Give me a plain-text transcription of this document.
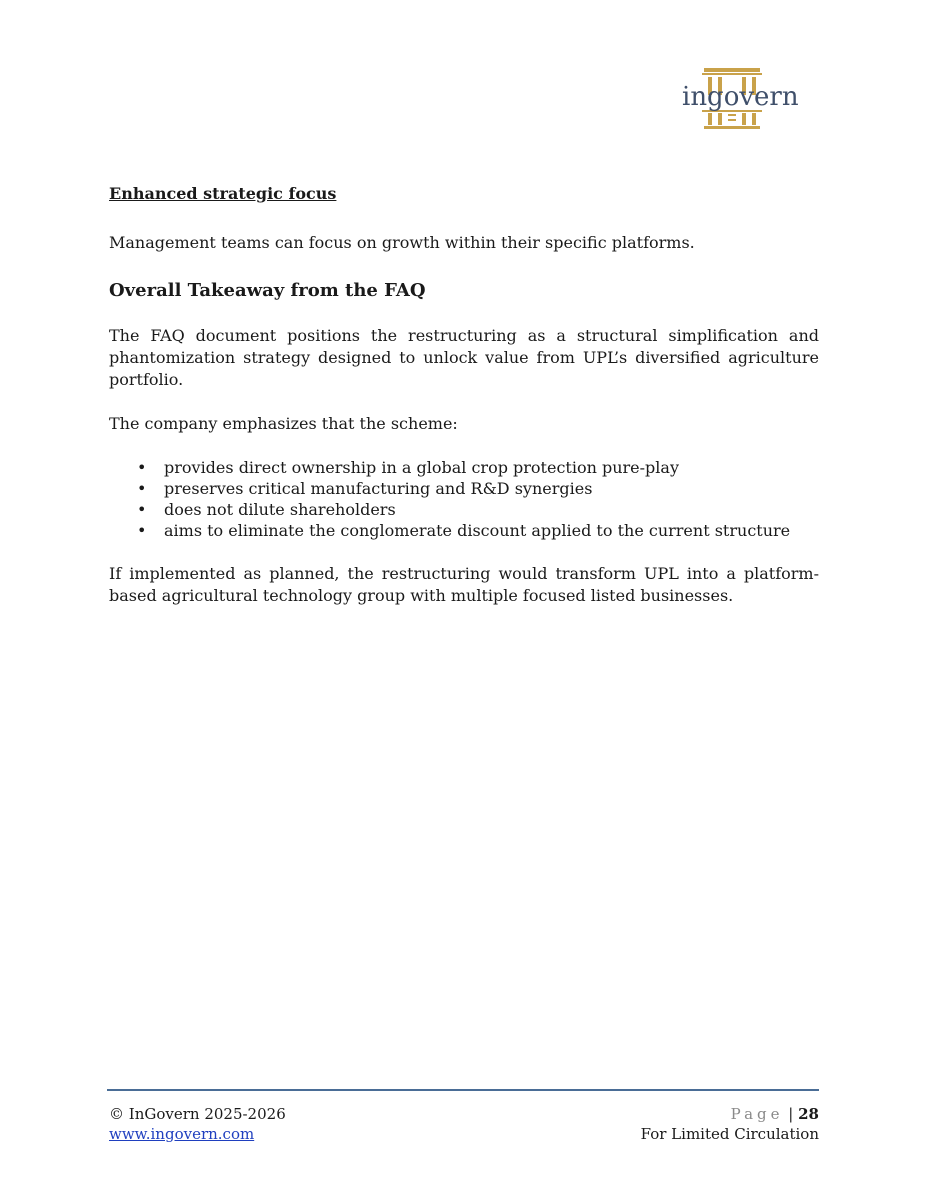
ingovern
Enhanced strategic focus

Management teams can focus on growth within their specific platforms.

Overall Takeaway from the FAQ

The FAQ document positions the restructuring as a structural simplification and phantomization strategy designed to unlock value from UPL’s diversified agriculture portfolio.

The company emphasizes that the scheme:

• provides direct ownership in a global crop protection pure-play
• preserves critical manufacturing and R&D synergies
• does not dilute shareholders
• aims to eliminate the conglomerate discount applied to the current structure

If implemented as planned, the restructuring would transform UPL into a platform-based agricultural technology group with multiple focused listed businesses.

© InGovern 2025-2026
www.ingovern.com
Page | 28
For Limited Circulation
